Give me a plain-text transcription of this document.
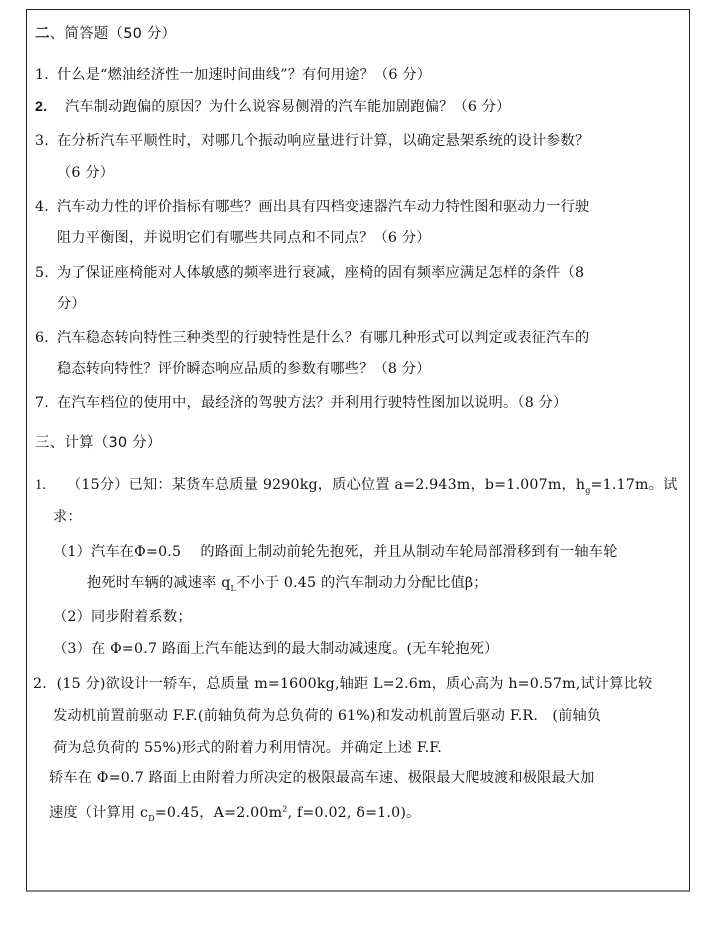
二、简答题（50 分）
1. 什么是“燃油经济性一加速时间曲线”？有何用途？（6 分）
2. 汽车制动跑偏的原因？为什么说容易侧滑的汽车能加剧跑偏？（6 分）
3. 在分析汽车平顺性时，对哪几个振动响应量进行计算，以确定悬架系统的设计参数？
（6 分）
4. 汽车动力性的评价指标有哪些？画出具有四档变速器汽车动力特性图和驱动力一行驶
阻力平衡图，并说明它们有哪些共同点和不同点？（6 分）
5. 为了保证座椅能对人体敏感的频率进行衰减，座椅的固有频率应满足怎样的条件（8
分）
6. 汽车稳态转向特性三种类型的行驶特性是什么？有哪几种形式可以判定或表征汽车的
稳态转向特性？评价瞬态响应品质的参数有哪些？（8 分）
7. 在汽车档位的使用中，最经济的驾驶方法？并利用行驶特性图加以说明。（8 分）
三、计算（30 分）
1. （15分）已知：某货车总质量 9290kg，质心位置 a=2.943m，b=1.007m，$h_g=1.17m$。试
求：
（1）汽车在Φ=0.5　 的路面上制动前轮先抱死，并且从制动车轮局部滑移到有一轴车轮
抱死时车辆的减速率 $q_L$不小于 0.45 的汽车制动力分配比值β；
（2）同步附着系数；
（3）在 Φ=0.7 路面上汽车能达到的最大制动减速度。(无车轮抱死）
2．(15 分)欲设计一轿车，总质量 m=1600kg,轴距 L=2.6m，质心高为 h=0.57m,试计算比较
发动机前置前驱动 F.F.(前轴负荷为总负荷的 61%)和发动机前置后驱动 F.R.　(前轴负
荷为总负荷的 55%)形式的附着力利用情况。并确定上述 F.F.
轿车在 Φ=0.7 路面上由附着力所决定的极限最高车速、极限最大爬坡渡和极限最大加
速度（计算用 $c_D=0.45$，$A=2.00m^2$, f=0.02, δ=1.0)。
